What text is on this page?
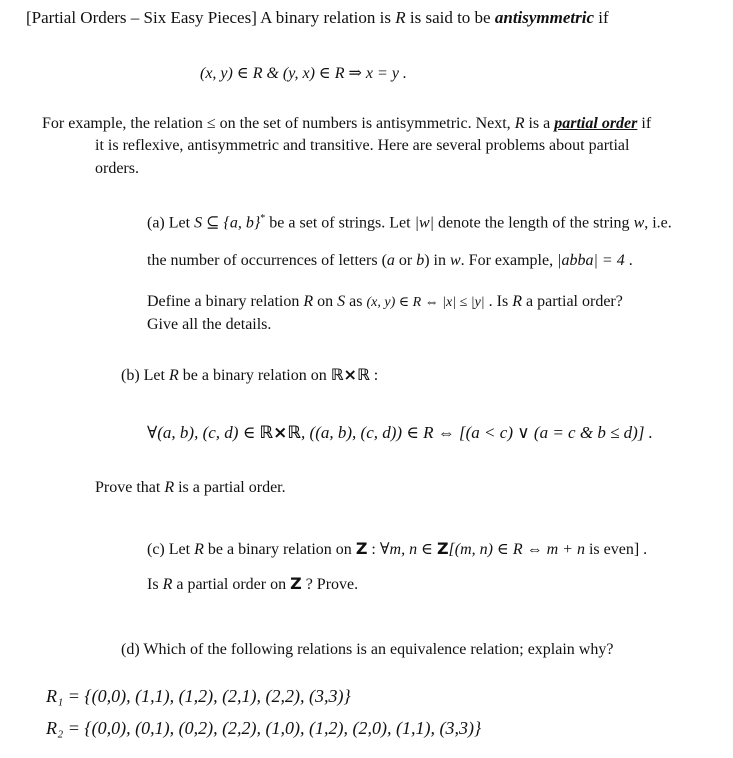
[Partial Orders – Six Easy Pieces] A binary relation is R is said to be antisymmetric if
(x, y) ∈ R & (y, x) ∈ R ⇒ x = y .
For example, the relation ≤ on the set of numbers is antisymmetric. Next, R is a partial order if
it is reflexive, antisymmetric and transitive. Here are several problems about partial
orders.
(a) Let S ⊆ {a, b}* be a set of strings. Let |w| denote the length of the string w, i.e.
the number of occurrences of letters (a or b) in w. For example, |abba| = 4 .
Define a binary relation R on S as (x, y) ∈ R ⇔ |x| ≤ |y| . Is R a partial order?
Give all the details.
(b) Let R be a binary relation on ℝ×ℝ :
∀(a, b), (c, d) ∈ ℝ×ℝ, ((a, b), (c, d)) ∈ R ⇔ [(a < c) ∨ (a = c & b ≤ d)] .
Prove that R is a partial order.
(c) Let R be a binary relation on Z : ∀m, n ∈ Z[(m, n) ∈ R ⇔ m + n is even] .
Is R a partial order on Z ? Prove.
(d) Which of the following relations is an equivalence relation; explain why?
R₁ = {(0,0), (1,1), (1,2), (2,1), (2,2), (3,3)}
R₂ = {(0,0), (0,1), (0,2), (2,2), (1,0), (1,2), (2,0), (1,1), (3,3)}
